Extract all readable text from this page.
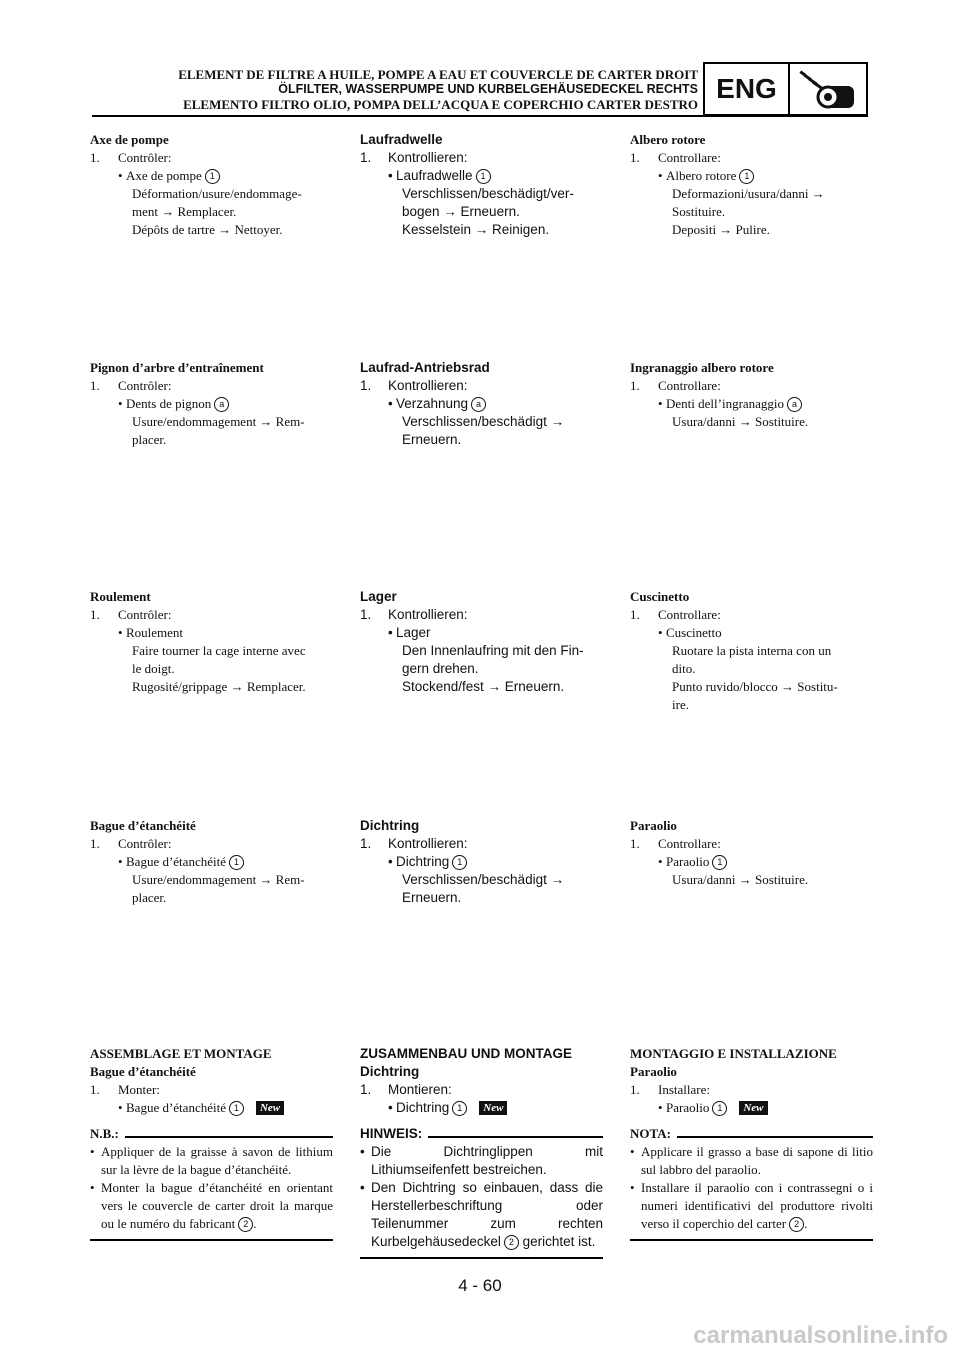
ELEMENT DE FILTRE A HUILE, POMPE A EAU ET COUVERCLE DE CARTER DROIT
ÖLFILTER, WASSERPUMPE UND KURBELGEHÄUSEDECKEL RECHTS
ELEMENTO FILTRO OLIO, POMPA DELL’ACQUA E COPERCHIO CARTER DESTRO
ENG
Axe de pompe
1. Contrôler:
• Axe de pompe 1
Déformation/usure/endommage-
ment → Remplacer.
Dépôts de tartre → Nettoyer.
Pignon d’arbre d’entraînement
1. Contrôler:
• Dents de pignon a
Usure/endommagement → Rem-
placer.
Roulement
1. Contrôler:
• Roulement
Faire tourner la cage interne avec
le doigt.
Rugosité/grippage → Remplacer.
Bague d’étanchéité
1. Contrôler:
• Bague d’étanchéité 1
Usure/endommagement → Rem-
placer.
ASSEMBLAGE ET MONTAGE
Bague d’étanchéité
1. Monter:
• Bague d’étanchéité 1 New
N.B.:
• Appliquer de la graisse à savon de lithium sur la lèvre de la bague d’étanchéité.
• Monter la bague d’étanchéité en orientant vers le couvercle de carter droit la marque ou le numéro du fabricant 2 .
Laufradwelle
1. Kontrollieren:
• Laufradwelle 1
Verschlissen/beschädigt/ver-
bogen → Erneuern.
Kesselstein → Reinigen.
Laufrad-Antriebsrad
1. Kontrollieren:
• Verzahnung a
Verschlissen/beschädigt →
Erneuern.
Lager
1. Kontrollieren:
• Lager
Den Innenlaufring mit den Fin-
gern drehen.
Stockend/fest → Erneuern.
Dichtring
1. Kontrollieren:
• Dichtring 1
Verschlissen/beschädigt →
Erneuern.
ZUSAMMENBAU UND MONTAGE
Dichtring
1. Montieren:
• Dichtring 1 New
HINWEIS:
• Die Dichtringlippen mit Lithiumseifenfett bestreichen.
• Den Dichtring so einbauen, dass die Herstellerbeschriftung oder Teilenummer zum rechten Kurbelgehäusedeckel 2 gerichtet ist.
Albero rotore
1. Controllare:
• Albero rotore 1
Deformazioni/usura/danni →
Sostituire.
Depositi → Pulire.
Ingranaggio albero rotore
1. Controllare:
• Denti dell’ingranaggio a
Usura/danni → Sostituire.
Cuscinetto
1. Controllare:
• Cuscinetto
Ruotare la pista interna con un
dito.
Punto ruvido/blocco → Sostitu-
ire.
Paraolio
1. Controllare:
• Paraolio 1
Usura/danni → Sostituire.
MONTAGGIO E INSTALLAZIONE
Paraolio
1. Installare:
• Paraolio 1 New
NOTA:
• Applicare il grasso a base di sapone di litio sul labbro del paraolio.
• Installare il paraolio con i contrassegni o i numeri identificativi del produttore rivolti verso il coperchio del carter 2 .
4 - 60
carmanualsonline.info
